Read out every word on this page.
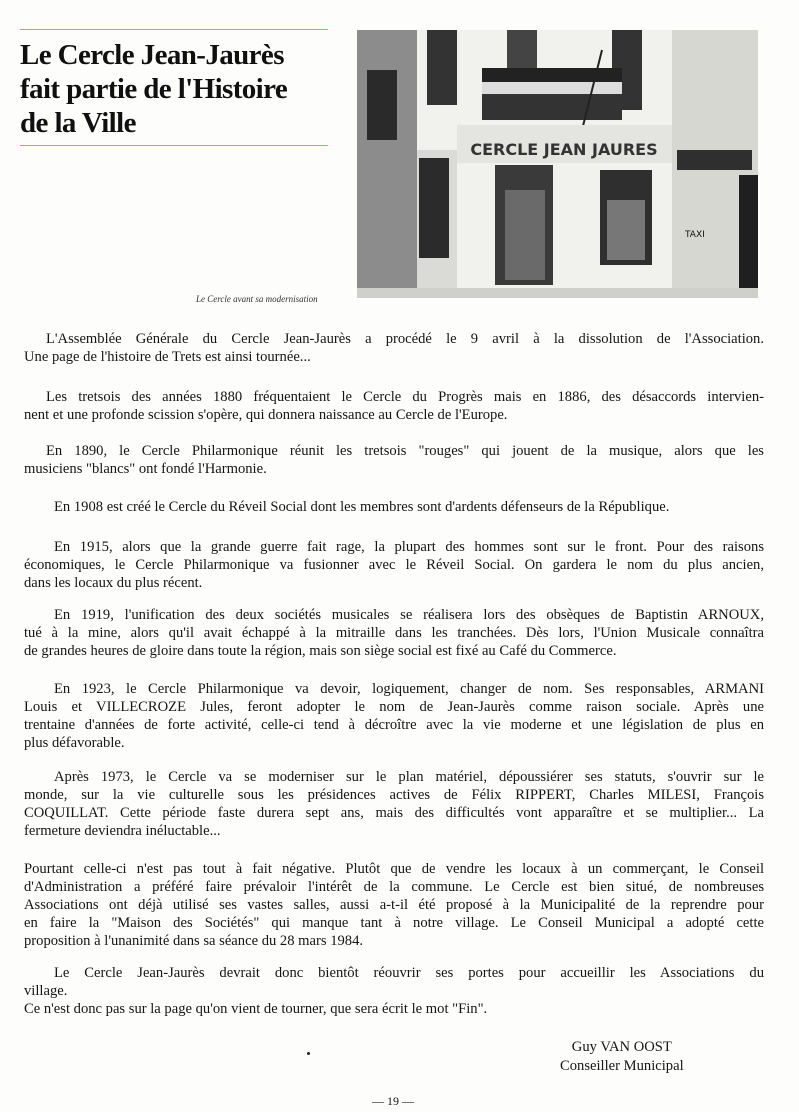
Le Cercle Jean-Jaurès
fait partie de l'Histoire
de la Ville
CERCLE JEAN JAURES
TAXI
Le Cercle avant sa modernisation
L'Assemblée Générale du Cercle Jean-Jaurès a procédé le 9 avril à la dissolution de l'Association.
Une page de l'histoire de Trets est ainsi tournée...
Les tretsois des années 1880 fréquentaient le Cercle du Progrès mais en 1886, des désaccords intervien-
nent et une profonde scission s'opère, qui donnera naissance au Cercle de l'Europe.
En 1890, le Cercle Philarmonique réunit les tretsois "rouges" qui jouent de la musique, alors que les
musiciens "blancs" ont fondé l'Harmonie.
En 1908 est créé le Cercle du Réveil Social dont les membres sont d'ardents défenseurs de la République.
En 1915, alors que la grande guerre fait rage, la plupart des hommes sont sur le front. Pour des raisons
économiques, le Cercle Philarmonique va fusionner avec le Réveil Social. On gardera le nom du plus ancien,
dans les locaux du plus récent.
En 1919, l'unification des deux sociétés musicales se réalisera lors des obsèques de Baptistin ARNOUX,
tué à la mine, alors qu'il avait échappé à la mitraille dans les tranchées. Dès lors, l'Union Musicale connaîtra
de grandes heures de gloire dans toute la région, mais son siège social est fixé au Café du Commerce.
En 1923, le Cercle Philarmonique va devoir, logiquement, changer de nom. Ses responsables, ARMANI
Louis et VILLECROZE Jules, feront adopter le nom de Jean-Jaurès comme raison sociale. Après une
trentaine d'années de forte activité, celle-ci tend à décroître avec la vie moderne et une législation de plus en
plus défavorable.
Après 1973, le Cercle va se moderniser sur le plan matériel, dépoussiérer ses statuts, s'ouvrir sur le
monde, sur la vie culturelle sous les présidences actives de Félix RIPPERT, Charles MILESI, François
COQUILLAT. Cette période faste durera sept ans, mais des difficultés vont apparaître et se multiplier... La
fermeture deviendra inéluctable...
Pourtant celle-ci n'est pas tout à fait négative. Plutôt que de vendre les locaux à un commerçant, le Conseil
d'Administration a préféré faire prévaloir l'intérêt de la commune. Le Cercle est bien situé, de nombreuses
Associations ont déjà utilisé ses vastes salles, aussi a-t-il été proposé à la Municipalité de la reprendre pour
en faire la "Maison des Sociétés" qui manque tant à notre village. Le Conseil Municipal a adopté cette
proposition à l'unanimité dans sa séance du 28 mars 1984.
Le Cercle Jean-Jaurès devrait donc bientôt réouvrir ses portes pour accueillir les Associations du
village.
Ce n'est donc pas sur la page qu'on vient de tourner, que sera écrit le mot "Fin".
Guy VAN OOST
Conseiller Municipal
— 19 —
